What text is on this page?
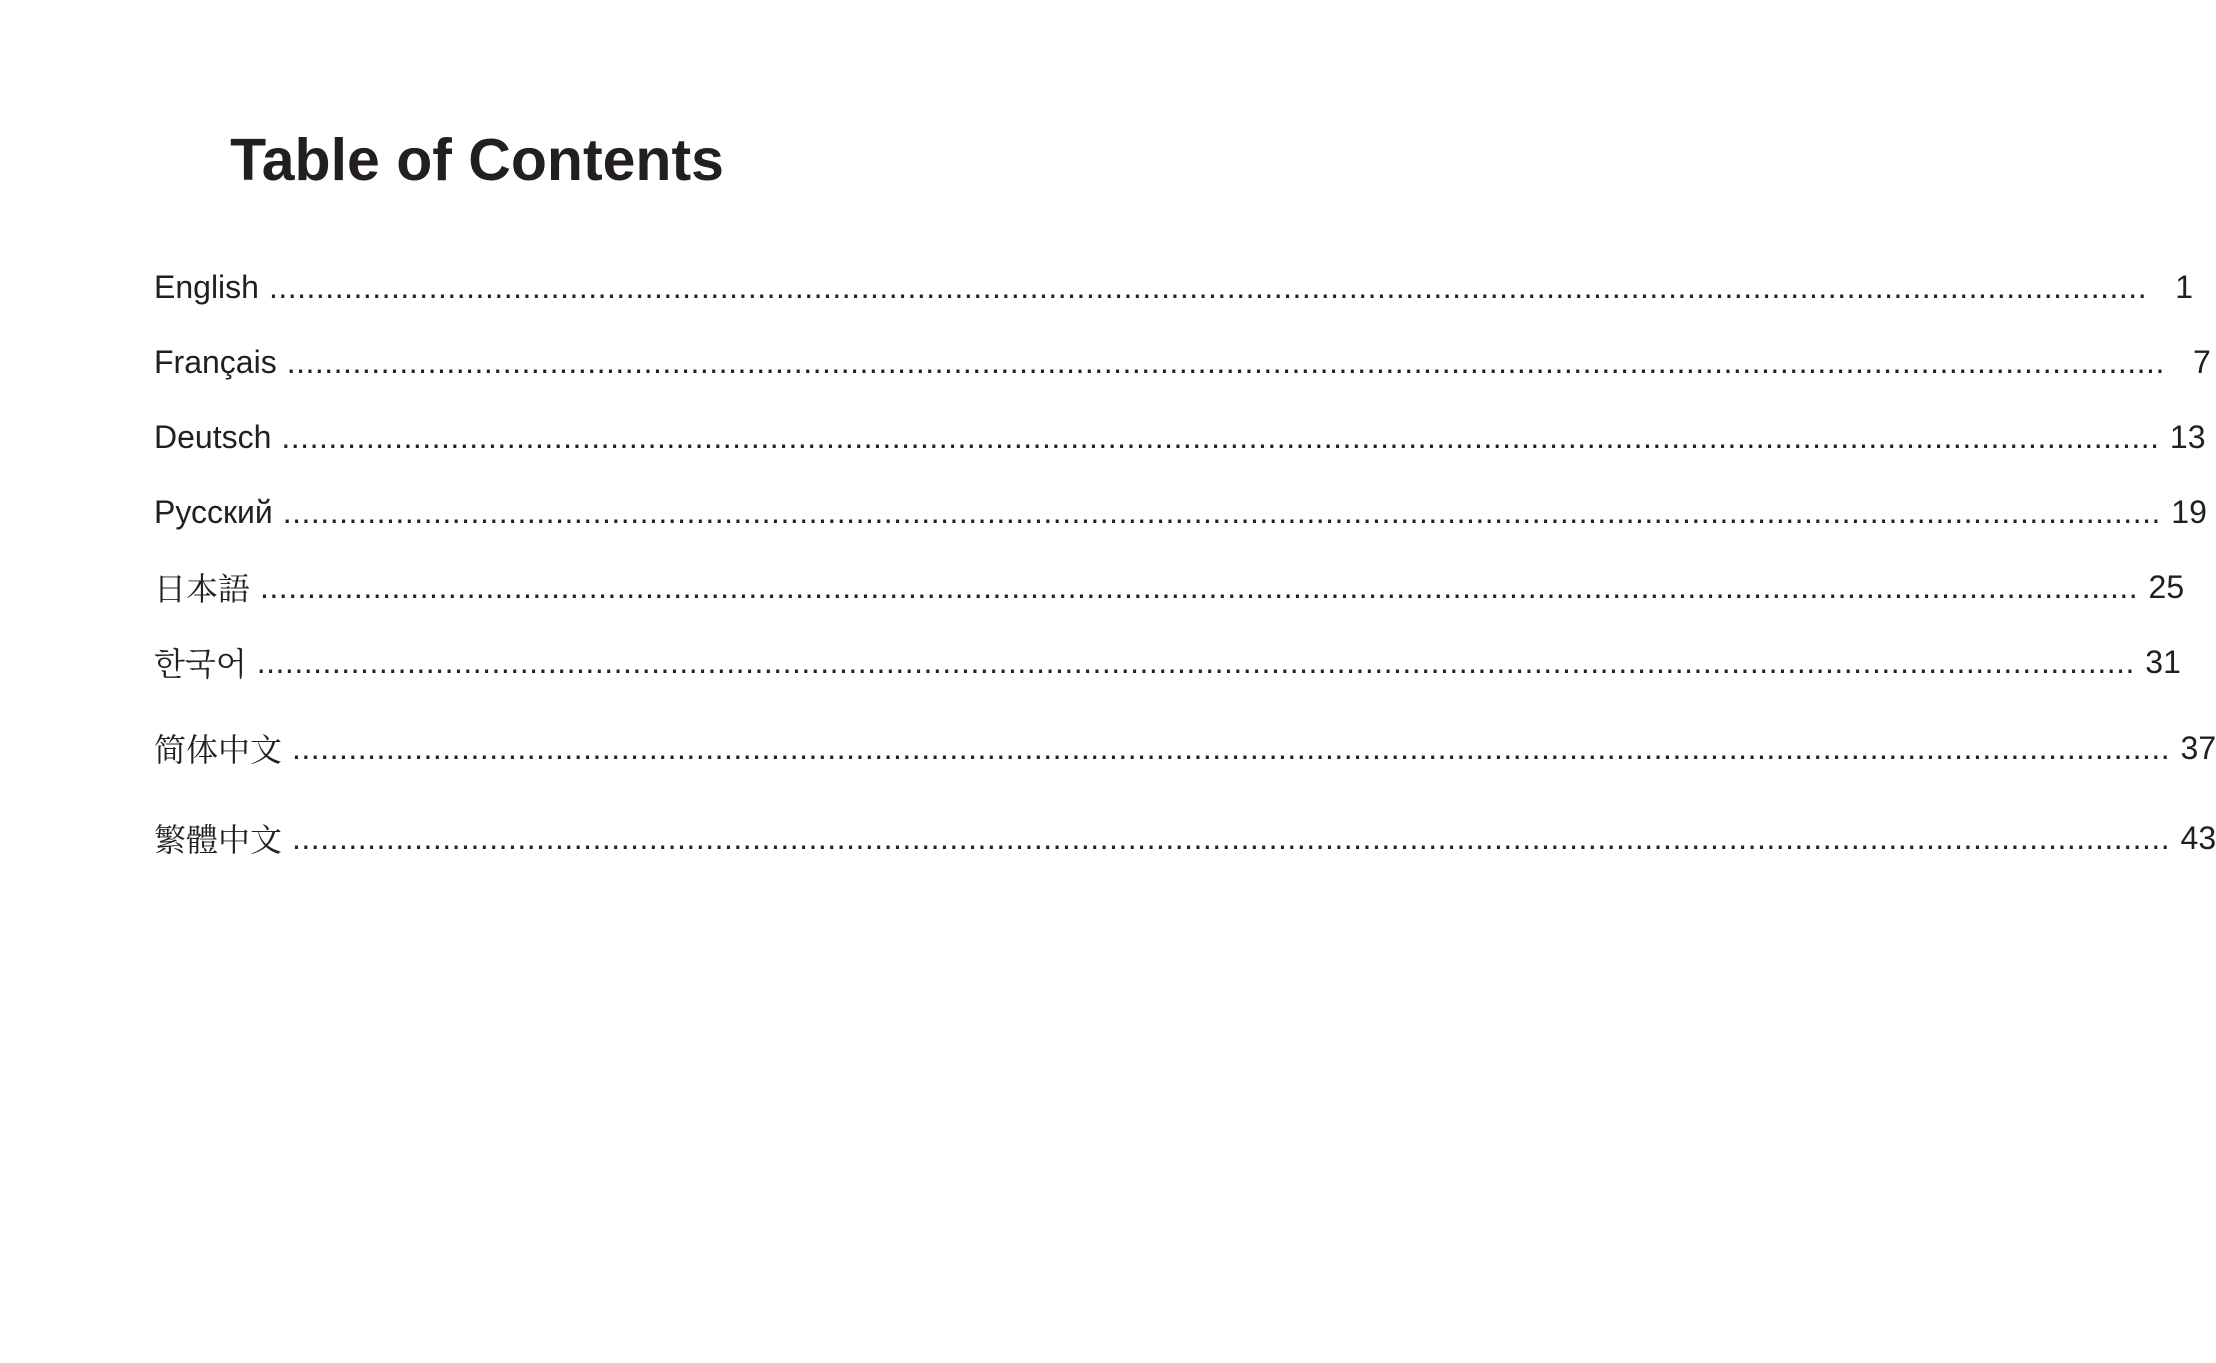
Table of Contents
English ........................................................................................................................................................................................................ 1
Français ........................................................................................................................................................................................................ 7
Deutsch ........................................................................................................................................................................................................ 13
Русский ........................................................................................................................................................................................................ 19
日本語 ........................................................................................................................................................................................................ 25
한국어 ........................................................................................................................................................................................................ 31
简体中文 ........................................................................................................................................................................................................ 37
繁體中文 ........................................................................................................................................................................................................ 43
